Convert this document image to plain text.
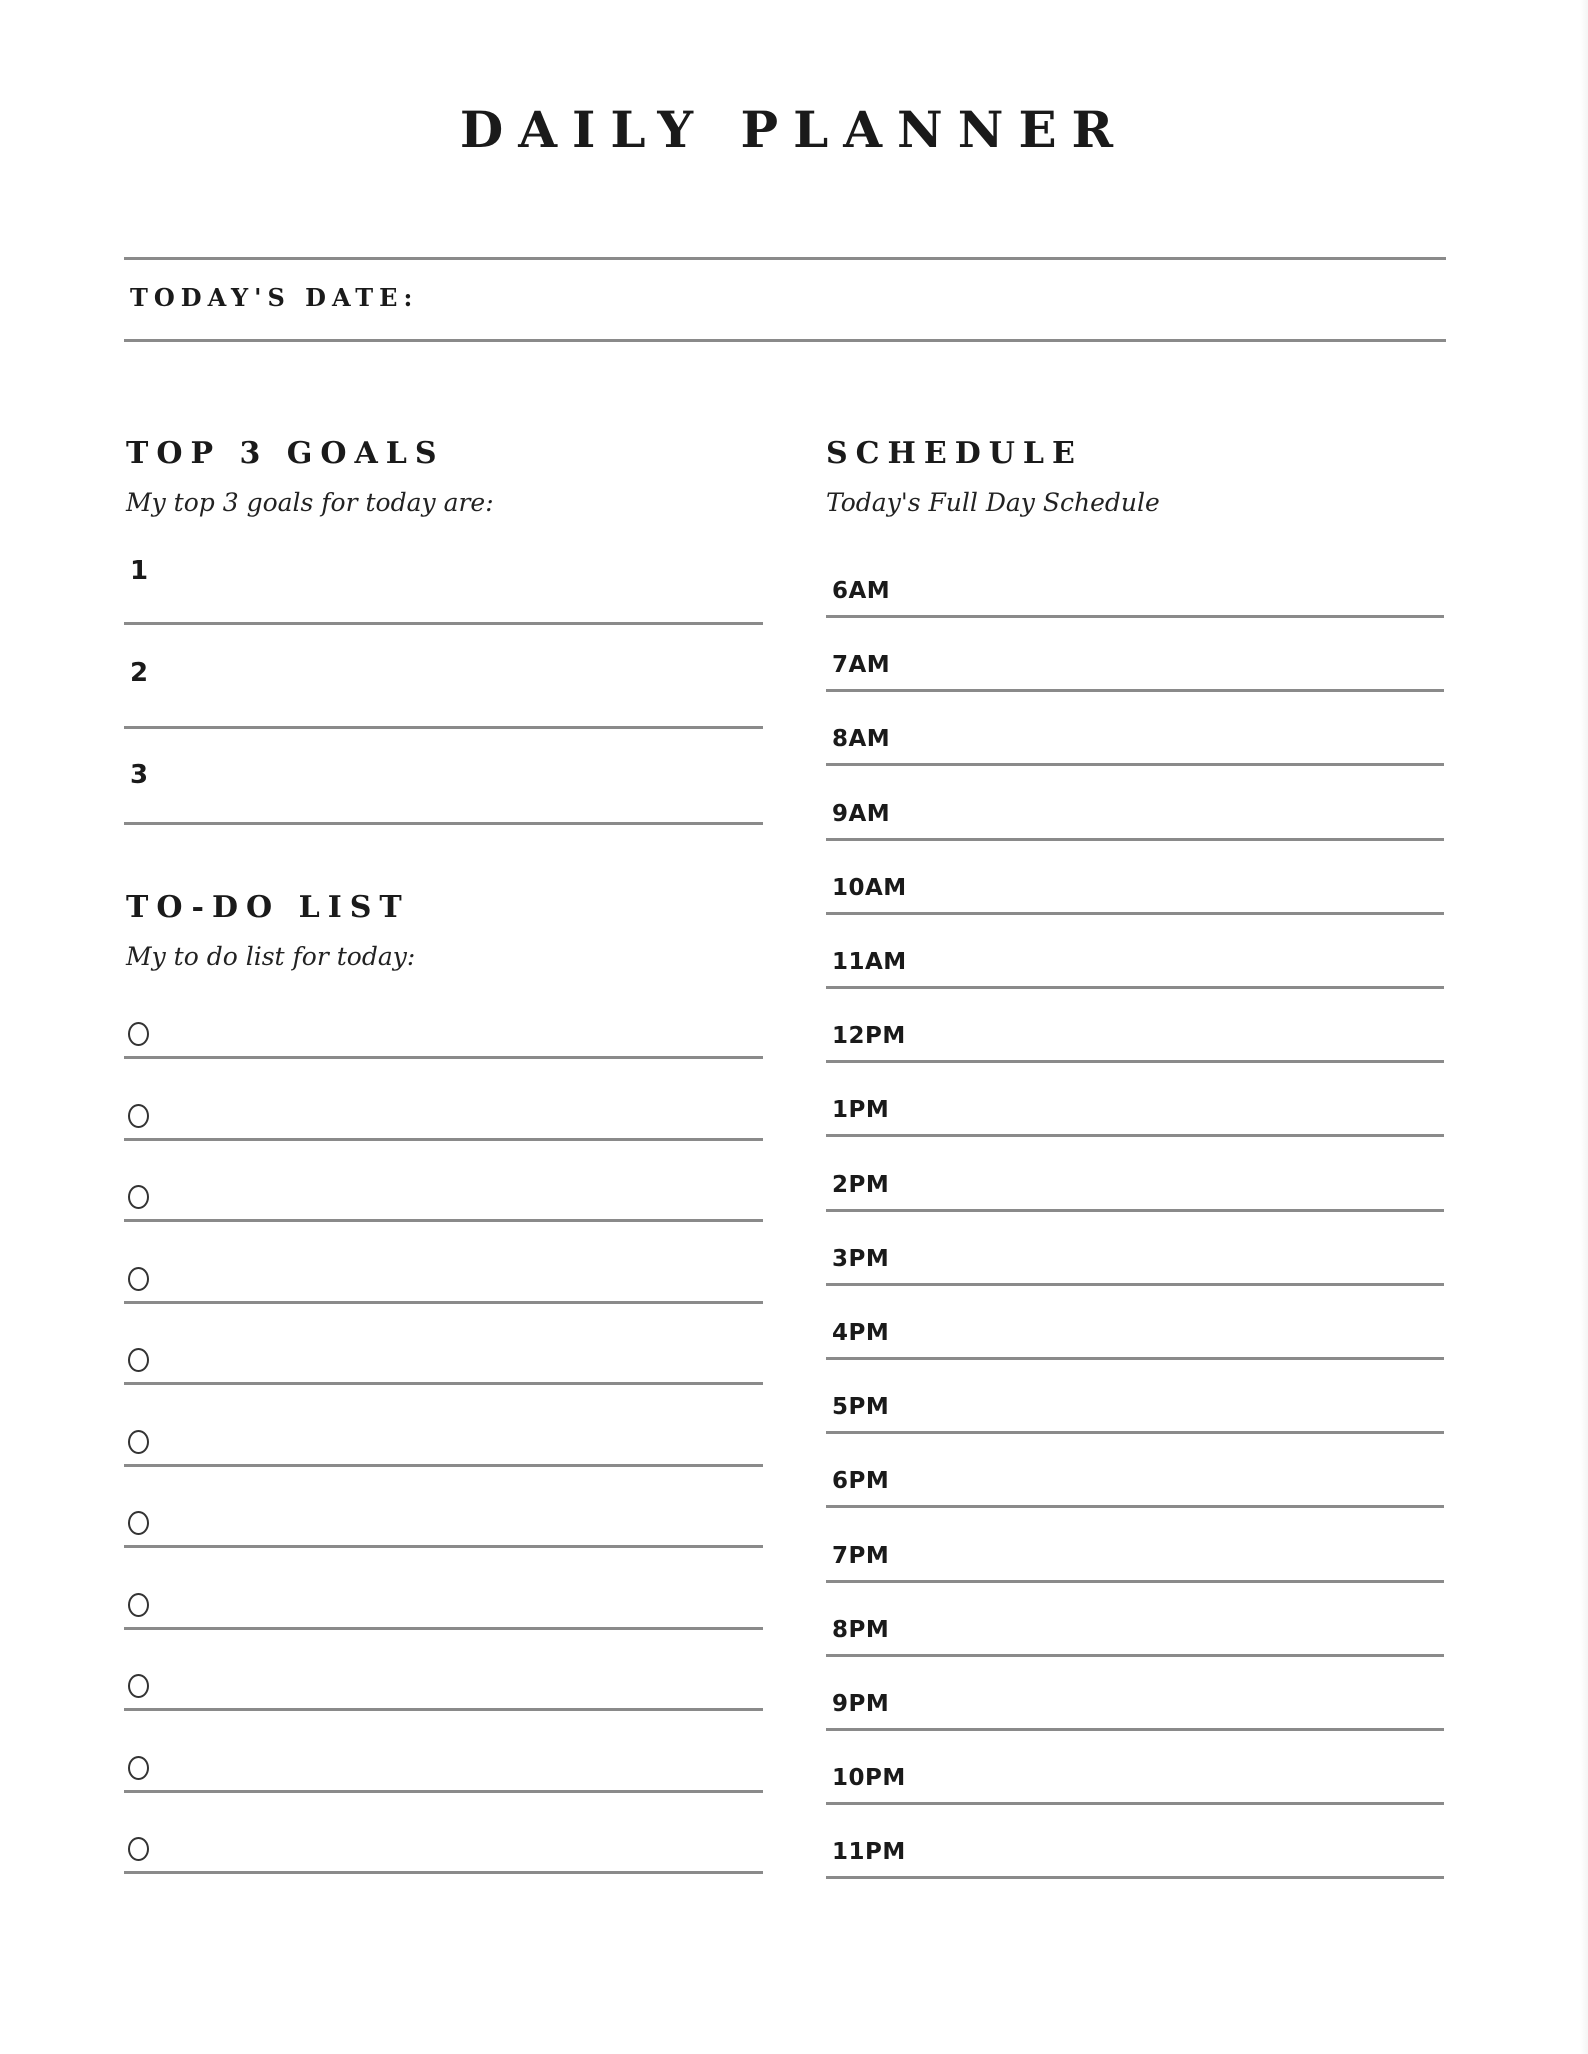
DAILY PLANNER
TODAY'S DATE:
TOP 3 GOALS
My top 3 goals for today are:
1
2
3
TO-DO LIST
My to do list for today:
SCHEDULE
Today's Full Day Schedule
6AM
7AM
8AM
9AM
10AM
11AM
12PM
1PM
2PM
3PM
4PM
5PM
6PM
7PM
8PM
9PM
10PM
11PM
